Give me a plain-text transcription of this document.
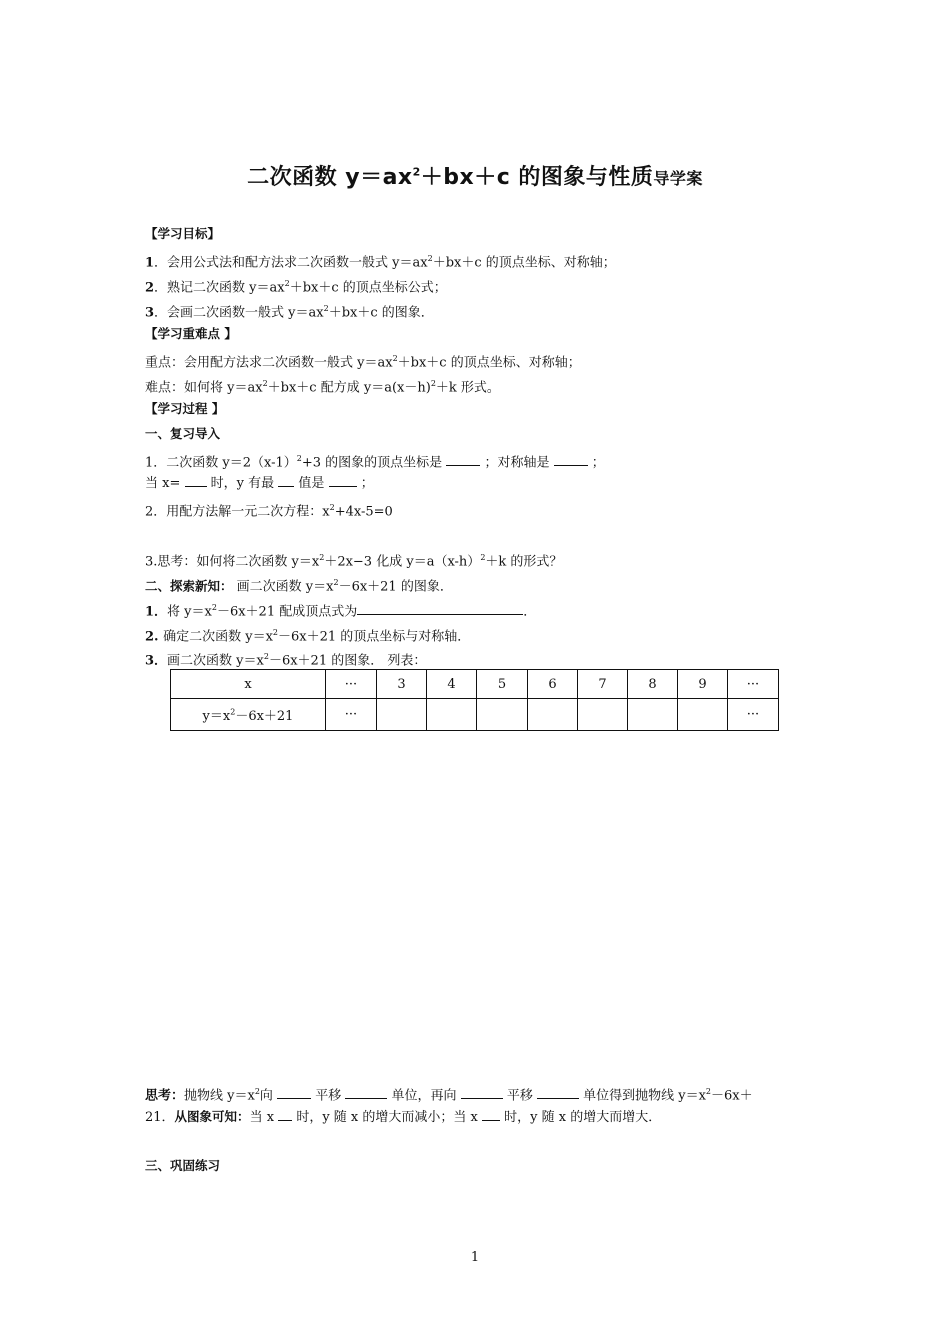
二次函数 $y=ax^2+bx+c$ 的图象与性质导学案
【学习目标】
1．会用公式法和配方法求二次函数一般式 $y=ax^2+bx+c$ 的顶点坐标、对称轴；
2．熟记二次函数 $y=ax^2+bx+c$ 的顶点坐标公式；
3．会画二次函数一般式 $y=ax^2+bx+c$ 的图象．
【学习重难点 】
重点：会用配方法求二次函数一般式 $y=ax^2+bx+c$ 的顶点坐标、对称轴；
难点：如何将 $y=ax^2+bx+c$ 配方成 $y=a(x-h)^2+k$ 形式。
【学习过程 】
一、复习导入
1．二次函数 $y=2(x-1)^2+3$ 的图象的顶点坐标是	；对称轴是	；
当 x= 时，y 有最 值是	；
2．用配方法解一元二次方程：$x^2+4x-5=0$
3.思考：如何将二次函数 $y=x^2+2x-3$ 化成 $y=a(x-h)^2+k$ 的形式？
二、探索新知： 画二次函数 $y=x^2-6x+21$ 的图象．
1．将 $y=x^2-6x+21$ 配成顶点式为	．
2. 确定二次函数 $y=x^2-6x+21$ 的顶点坐标与对称轴．
3．画二次函数 $y=x^2-6x+21$ 的图象． 列表：
x	···	3	4	5	6	7	8	9	···
$y=x^2-6x+21$	···								···
思考：抛物线 $y=x^2$向	平移	单位，再向	平移	单位得到抛物线 $y=x^2-6x+$
21．从图象可知：当 x 时，y 随 x 的增大而减小；当 x 时，y 随 x 的增大而增大．
三、巩固练习
1
